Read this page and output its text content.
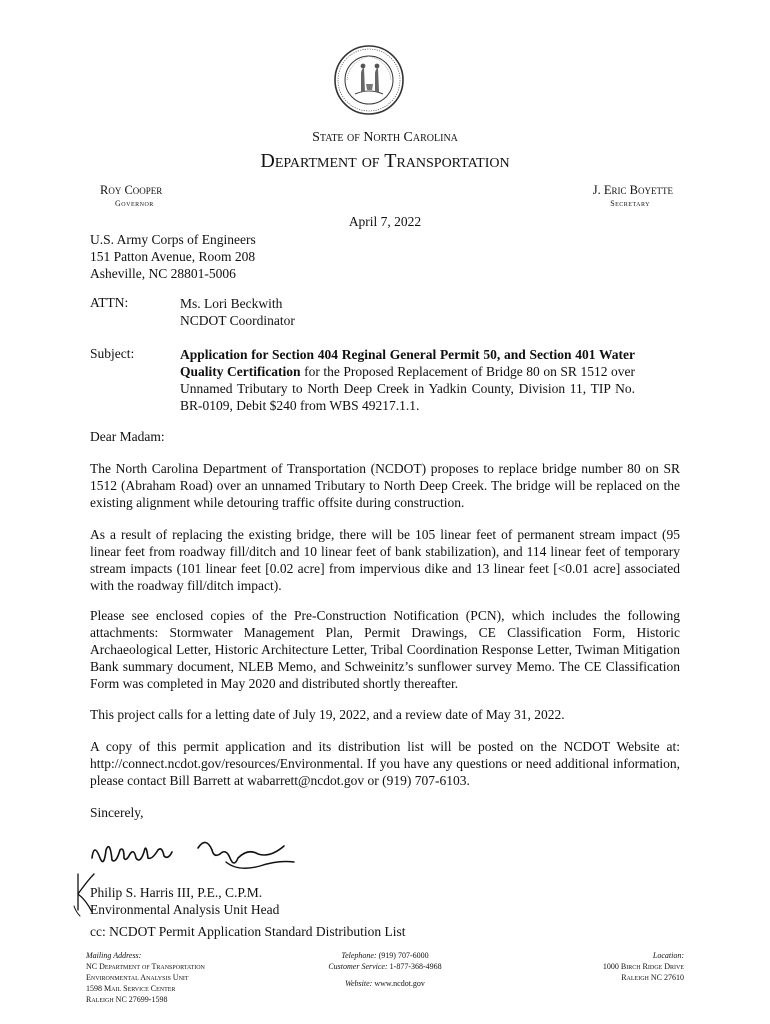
State of North Carolina
Department of Transportation
Roy Cooper
Governor
J. Eric Boyette
Secretary
April 7, 2022
U.S. Army Corps of Engineers
151 Patton Avenue, Room 208
Asheville, NC 28801-5006
ATTN:	Ms. Lori Beckwith
NCDOT Coordinator
Subject:	Application for Section 404 Reginal General Permit 50, and Section 401 Water Quality Certification for the Proposed Replacement of Bridge 80 on SR 1512 over Unnamed Tributary to North Deep Creek in Yadkin County, Division 11, TIP No. BR-0109, Debit $240 from WBS 49217.1.1.
Dear Madam:

The North Carolina Department of Transportation (NCDOT) proposes to replace bridge number 80 on SR 1512 (Abraham Road) over an unnamed Tributary to North Deep Creek. The bridge will be replaced on the existing alignment while detouring traffic offsite during construction.

As a result of replacing the existing bridge, there will be 105 linear feet of permanent stream impact (95 linear feet from roadway fill/ditch and 10 linear feet of bank stabilization), and 114 linear feet of temporary stream impacts (101 linear feet [0.02 acre] from impervious dike and 13 linear feet [<0.01 acre] associated with the roadway fill/ditch impact).

Please see enclosed copies of the Pre-Construction Notification (PCN), which includes the following attachments: Stormwater Management Plan, Permit Drawings, CE Classification Form, Historic Archaeological Letter, Historic Architecture Letter, Tribal Coordination Response Letter, Twiman Mitigation Bank summary document, NLEB Memo, and Schweinitz’s sunflower survey Memo. The CE Classification Form was completed in May 2020 and distributed shortly thereafter.

This project calls for a letting date of July 19, 2022, and a review date of May 31, 2022.

A copy of this permit application and its distribution list will be posted on the NCDOT Website at: http://connect.ncdot.gov/resources/Environmental. If you have any questions or need additional information, please contact Bill Barrett at wabarrett@ncdot.gov or (919) 707-6103.

Sincerely,
Philip S. Harris III, P.E., C.P.M.
Environmental Analysis Unit Head
cc: NCDOT Permit Application Standard Distribution List
Mailing Address:
NC Department of Transportation
Environmental Analysis Unit
1598 Mail Service Center
Raleigh NC 27699-1598
Telephone: (919) 707-6000
Customer Service: 1-877-368-4968
Website: www.ncdot.gov
Location:
1000 Birch Ridge Drive
Raleigh NC 27610
